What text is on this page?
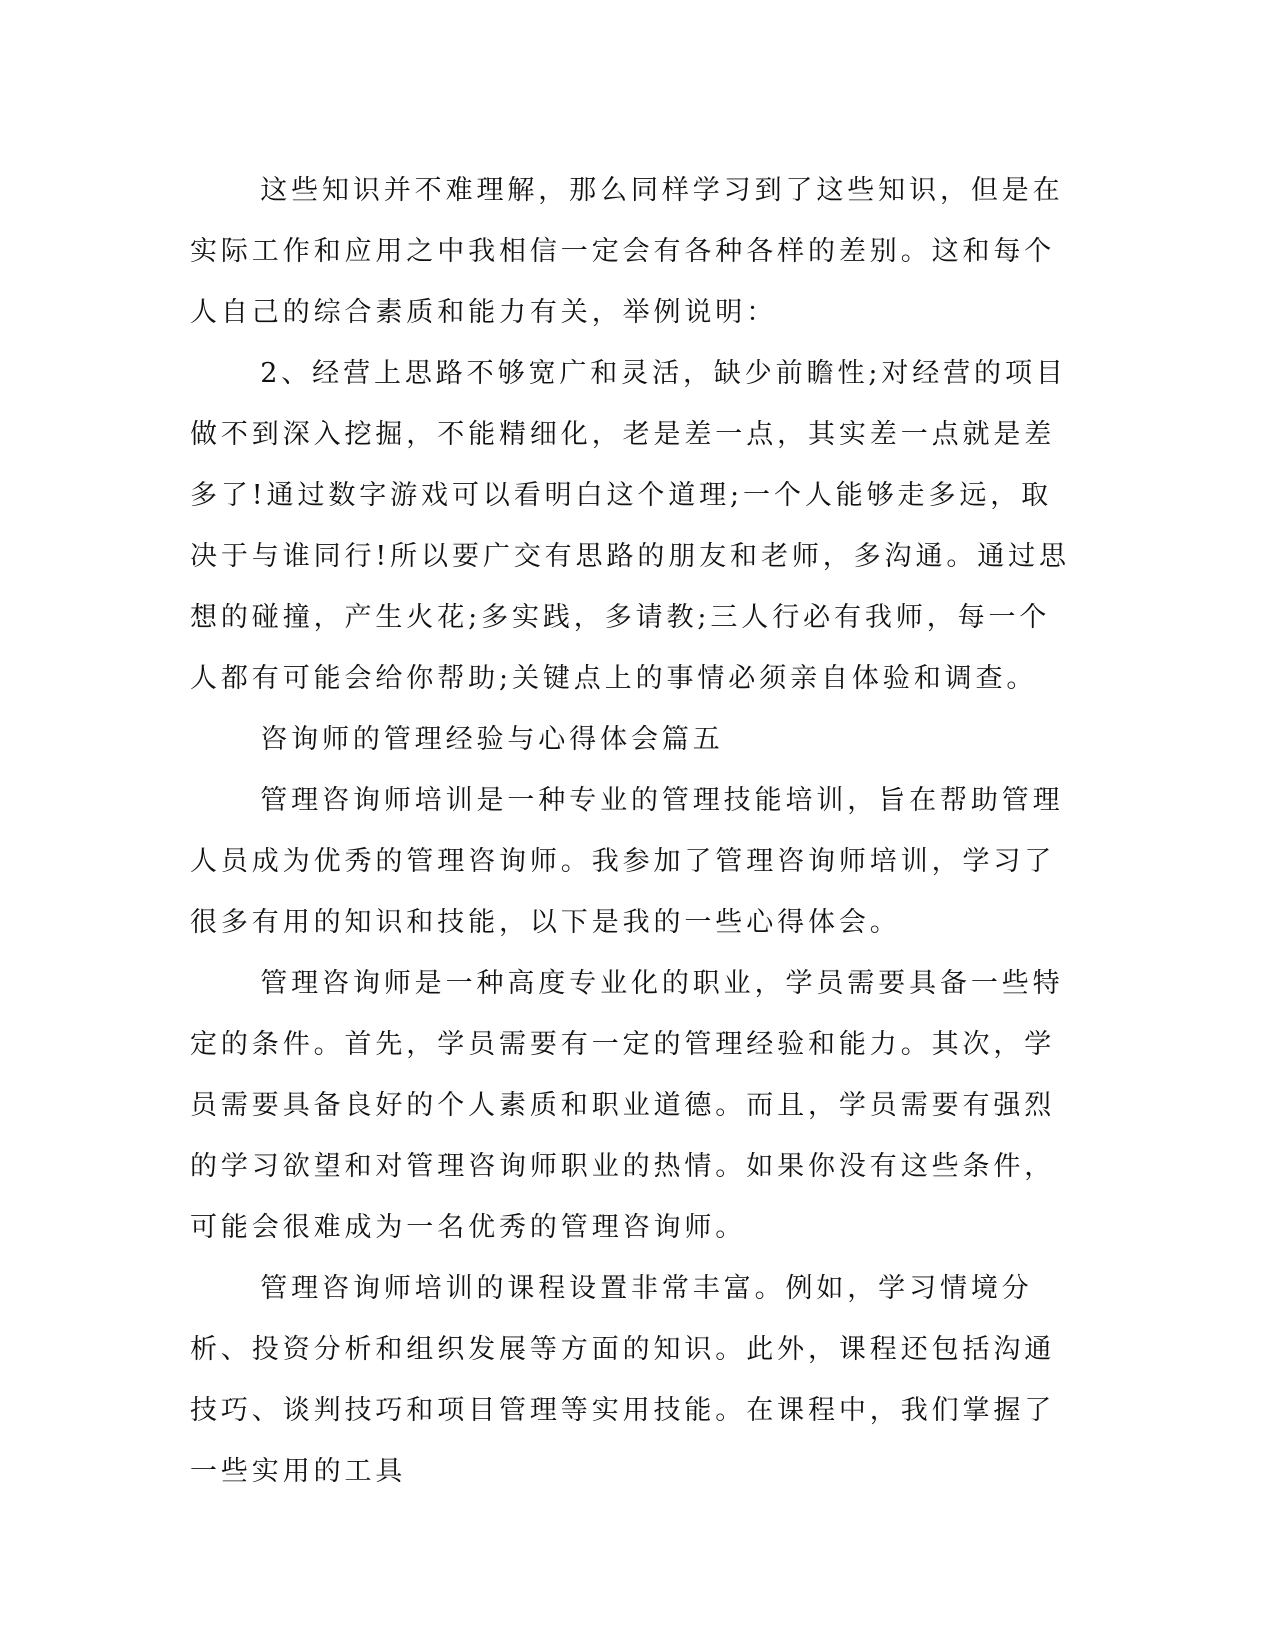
这些知识并不难理解，那么同样学习到了这些知识，但是在实际工作和应用之中我相信一定会有各种各样的差别。这和每个人自己的综合素质和能力有关，举例说明：

2、经营上思路不够宽广和灵活，缺少前瞻性;对经营的项目做不到深入挖掘，不能精细化，老是差一点，其实差一点就是差多了!通过数字游戏可以看明白这个道理;一个人能够走多远，取决于与谁同行!所以要广交有思路的朋友和老师，多沟通。通过思想的碰撞，产生火花;多实践，多请教;三人行必有我师，每一个人都有可能会给你帮助;关键点上的事情必须亲自体验和调查。

咨询师的管理经验与心得体会篇五

管理咨询师培训是一种专业的管理技能培训，旨在帮助管理人员成为优秀的管理咨询师。我参加了管理咨询师培训，学习了很多有用的知识和技能，以下是我的一些心得体会。

管理咨询师是一种高度专业化的职业，学员需要具备一些特定的条件。首先，学员需要有一定的管理经验和能力。其次，学员需要具备良好的个人素质和职业道德。而且，学员需要有强烈的学习欲望和对管理咨询师职业的热情。如果你没有这些条件，可能会很难成为一名优秀的管理咨询师。

管理咨询师培训的课程设置非常丰富。例如，学习情境分析、投资分析和组织发展等方面的知识。此外，课程还包括沟通技巧、谈判技巧和项目管理等实用技能。在课程中，我们掌握了一些实用的工具
